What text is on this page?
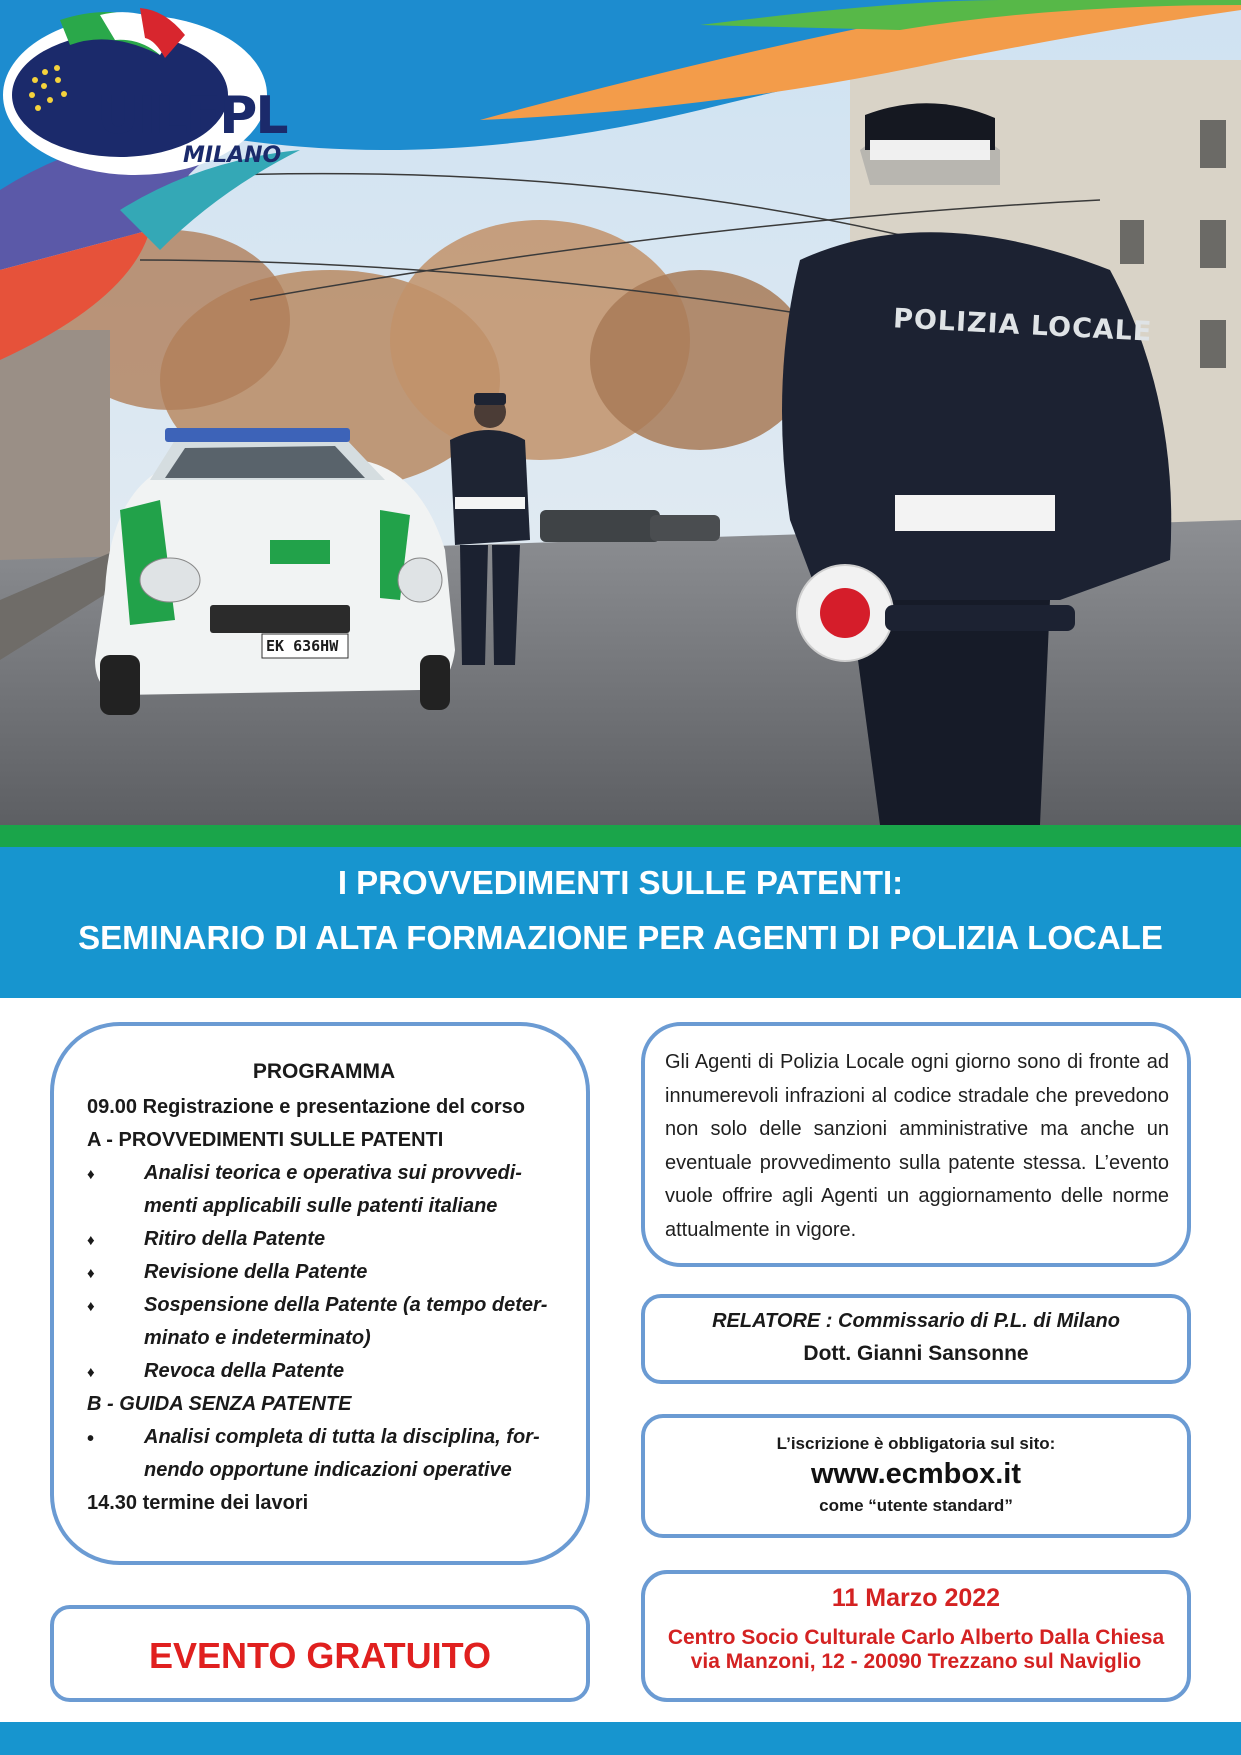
UILFPL
MILANO
POLIZIA LOCALE
EK 636HW
I PROVVEDIMENTI SULLE PATENTI:
SEMINARIO DI ALTA FORMAZIONE PER AGENTI DI POLIZIA LOCALE
PROGRAMMA
09.00 Registrazione e presentazione del corso
A - PROVVEDIMENTI SULLE PATENTI
♦ Analisi teorica e operativa sui provvedi-
menti applicabili sulle patenti italiane
♦ Ritiro della Patente
♦ Revisione della Patente
♦ Sospensione della Patente (a tempo deter-
minato e indeterminato)
♦ Revoca della Patente
B - GUIDA SENZA PATENTE
• Analisi completa di tutta la disciplina, for-
nendo opportune indicazioni operative
14.30 termine dei lavori
EVENTO GRATUITO
Gli Agenti di Polizia Locale ogni giorno sono di fronte ad innumerevoli infrazioni al codice stradale che prevedono non solo delle sanzioni amministrative ma anche un eventuale provvedimento sulla patente stessa. L’evento vuole offrire agli Agenti un aggiornamento delle norme attualmente in vigore.
RELATORE : Commissario di P.L. di Milano
Dott. Gianni Sansonne
L’iscrizione è obbligatoria sul sito:
www.ecmbox.it
come “utente standard”
11 Marzo 2022
Centro Socio Culturale Carlo Alberto Dalla Chiesa
via Manzoni, 12 - 20090 Trezzano sul Naviglio
